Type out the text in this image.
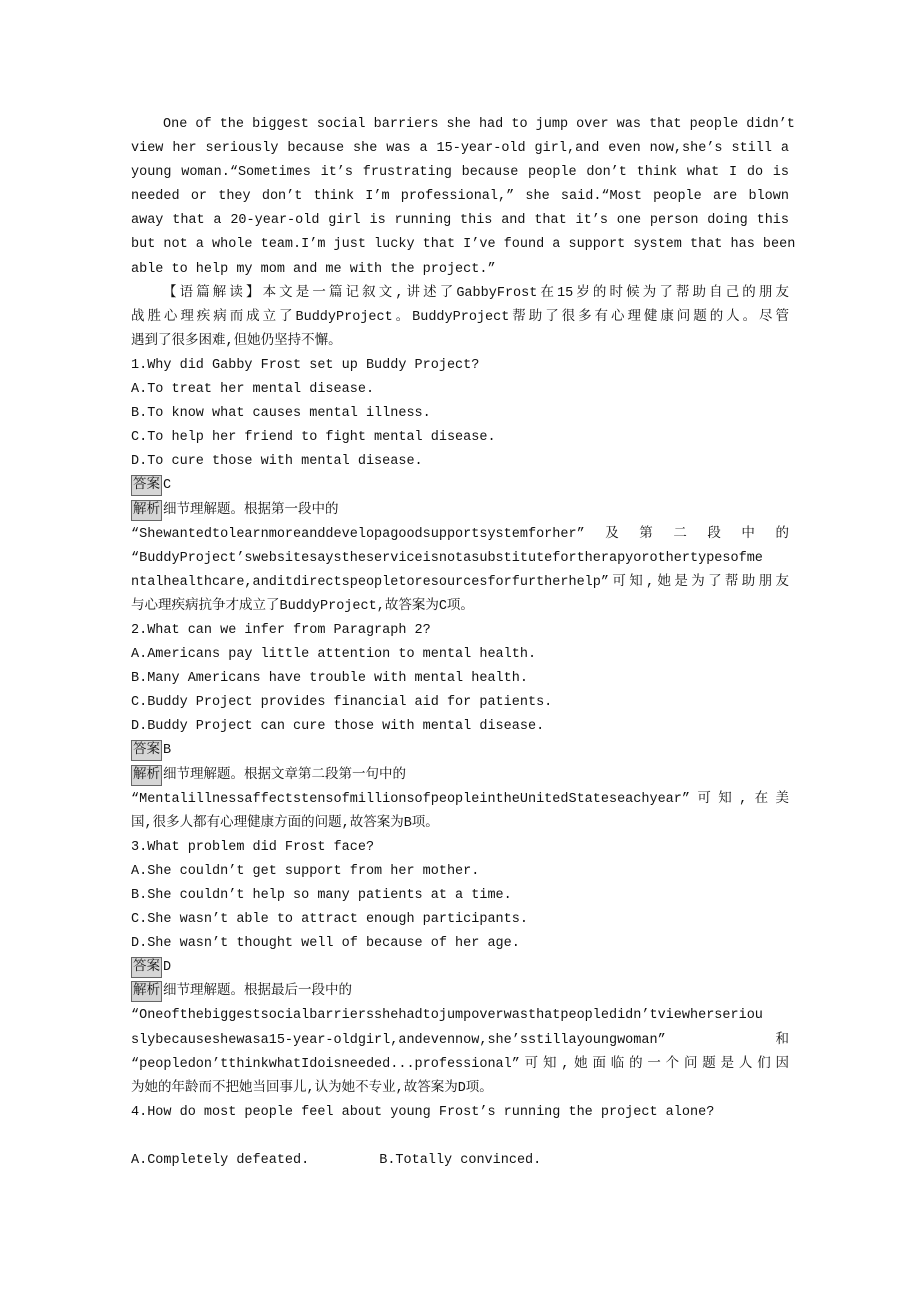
One of the biggest social barriers she had to jump over was that people didn’t
view her seriously because she was a 15-year-old girl,and even now,she’s still a
young woman.“Sometimes it’s frustrating because people don’t think what I do is
needed or they don’t think I’m professional,” she said.“Most people are blown
away that a 20-year-old girl is running this and that it’s one person doing this
but not a whole team.I’m just lucky that I’ve found a support system that has been
able to help my mom and me with the project.”
【语篇解读】本文是一篇记叙文,讲述了GabbyFrost在15岁的时候为了帮助自己的朋友
战胜心理疾病而成立了BuddyProject。BuddyProject帮助了很多有心理健康问题的人。尽管
遇到了很多困难,但她仍坚持不懈。
1.Why did Gabby Frost set up Buddy Project?
A.To treat her mental disease.
B.To know what causes mental illness.
C.To help her friend to fight mental disease.
D.To cure those with mental disease.
答案 C
解析 细节理解题。根据第一段中的
“Shewantedtolearnmoreanddevelopagoodsupportsystemforher”及第二段中的
“BuddyProject’swebsitesaystheserviceisnotasubstitutefortherapyorothertypesofme
ntalhealthcare,anditdirectspeopletoresourcesforfurtherhelp”可知,她是为了帮助朋友
与心理疾病抗争才成立了BuddyProject,故答案为C项。
2.What can we infer from Paragraph 2?
A.Americans pay little attention to mental health.
B.Many Americans have trouble with mental health.
C.Buddy Project provides financial aid for patients.
D.Buddy Project can cure those with mental disease.
答案 B
解析 细节理解题。根据文章第二段第一句中的
“MentalillnessaffectstensofmillionsofpeopleintheUnitedStateseachyear”可知,在美
国,很多人都有心理健康方面的问题,故答案为B项。
3.What problem did Frost face?
A.She couldn’t get support from her mother.
B.She couldn’t help so many patients at a time.
C.She wasn’t able to attract enough participants.
D.She wasn’t thought well of because of her age.
答案 D
解析 细节理解题。根据最后一段中的
“Oneofthebiggestsocialbarriersshehadtojumpoverwasthatpeopledidn’tviewherseriou
slybecauseshewasa15-year-oldgirl,andevennow,she’sstillayoungwoman”和
“peopledon’tthinkwhatIdoisneeded...professional”可知,她面临的一个问题是人们因
为她的年龄而不把她当回事儿,认为她不专业,故答案为D项。
4.How do most people feel about young Frost’s running the project alone?
A.Completely defeated.	B.Totally convinced.
